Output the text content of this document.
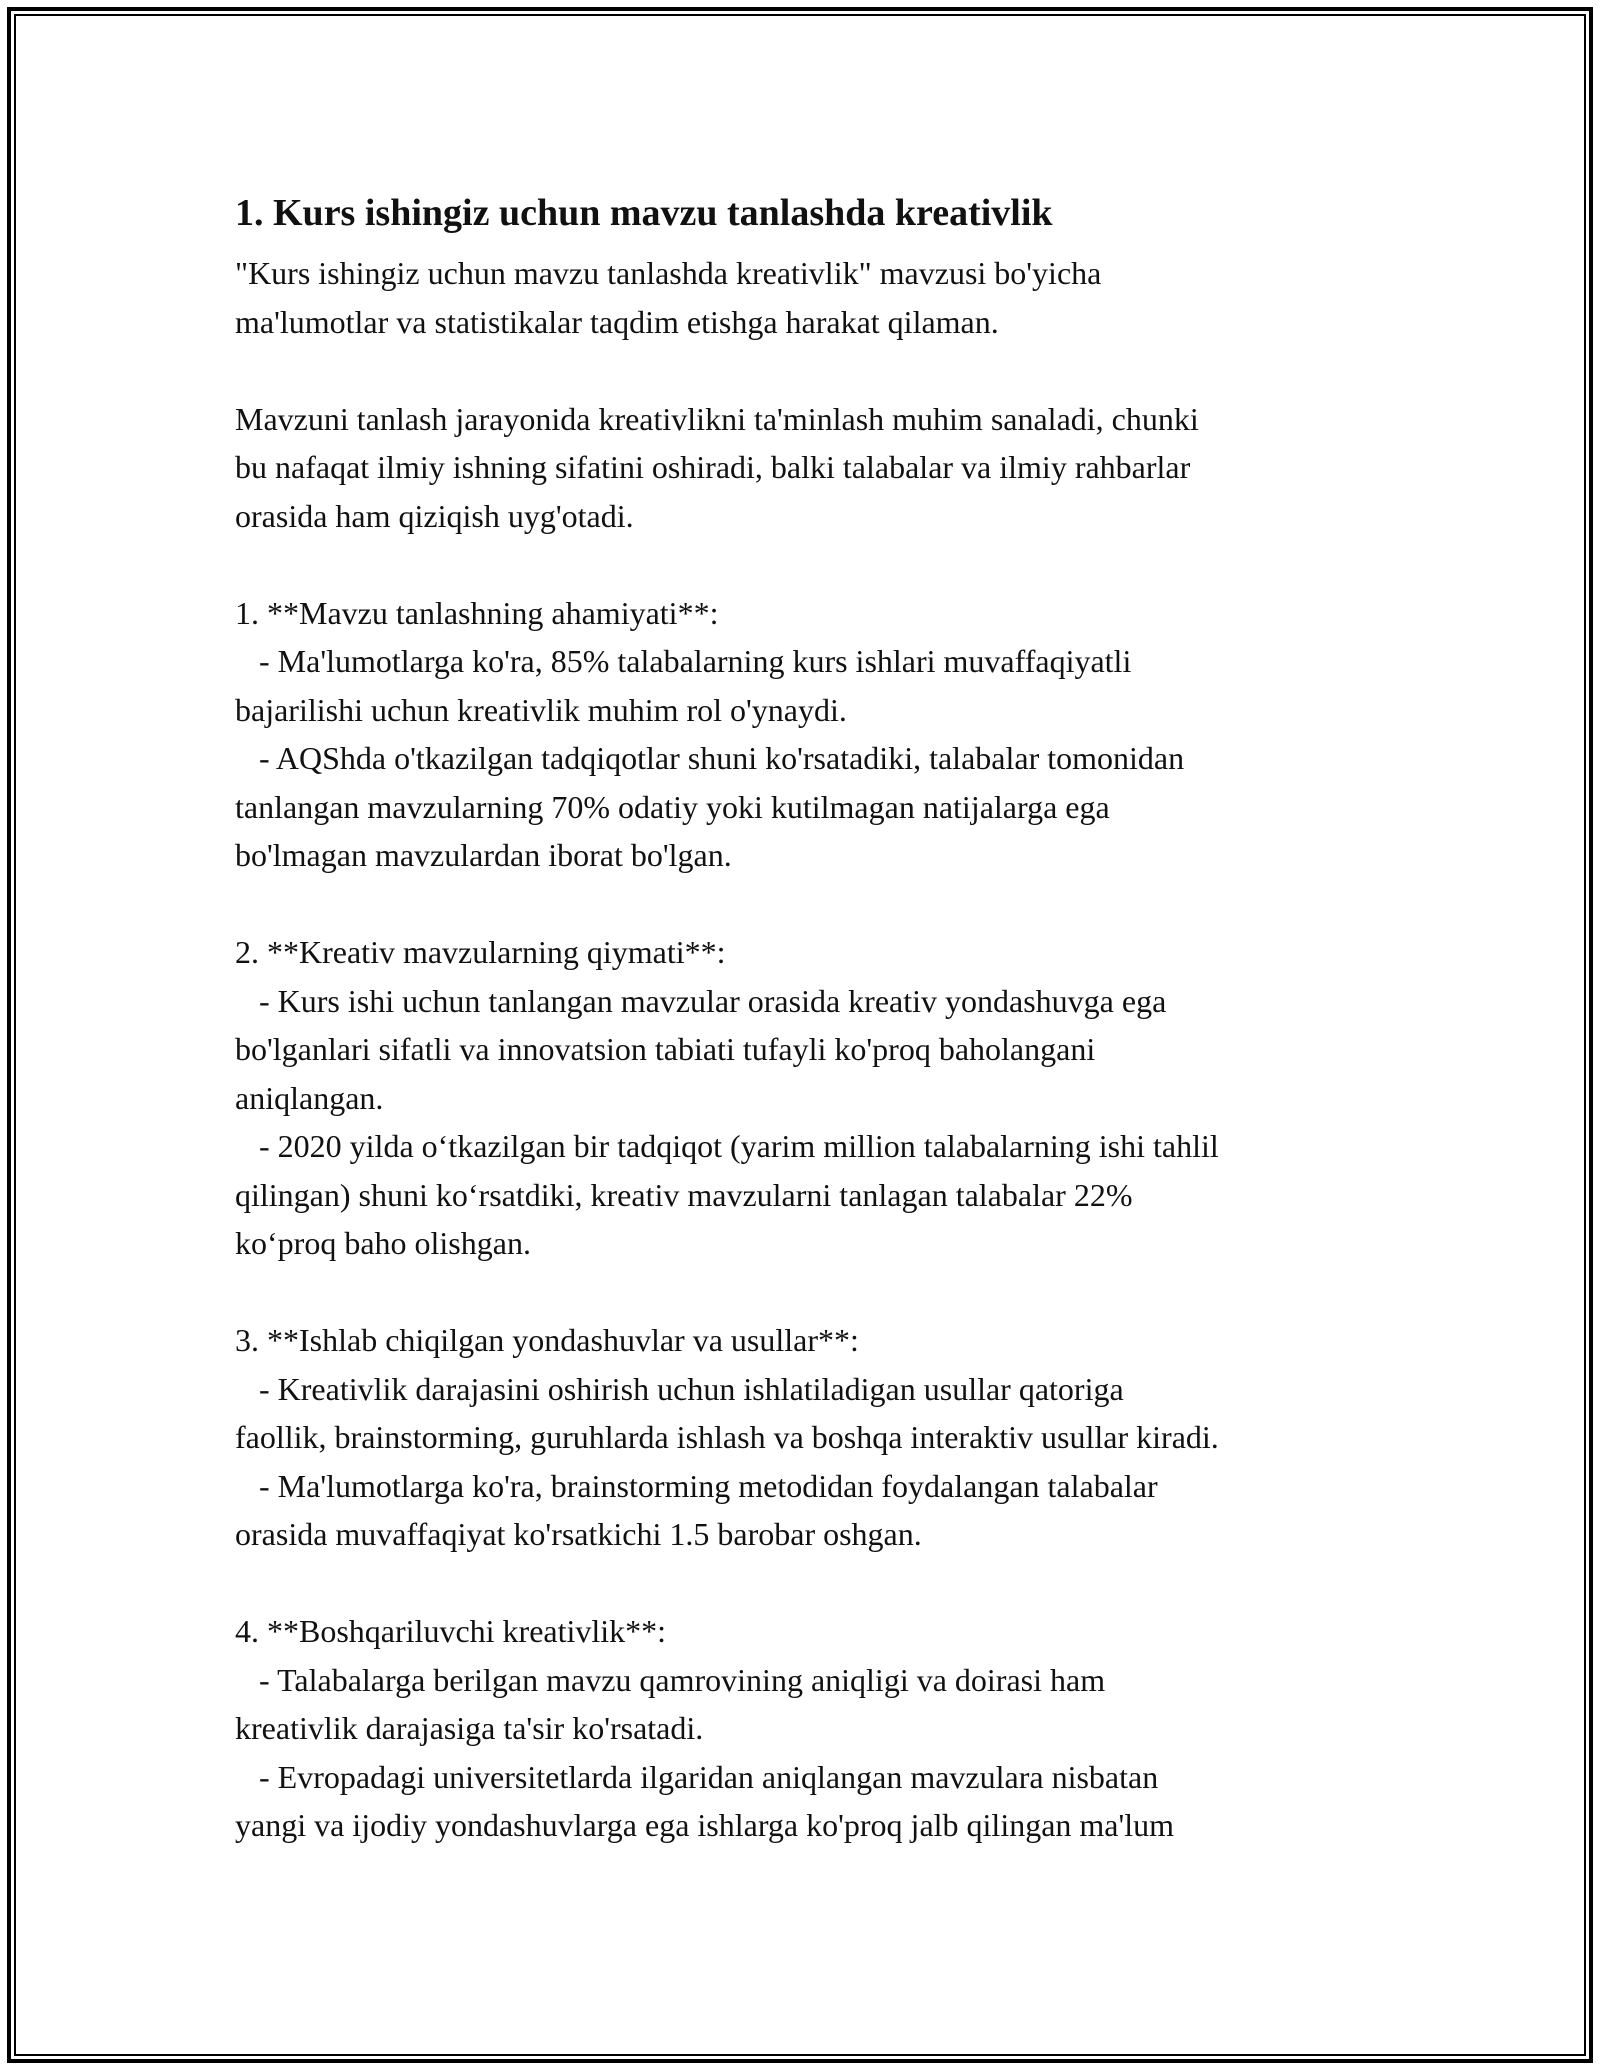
1. Kurs ishingiz uchun mavzu tanlashda kreativlik
"Kurs ishingiz uchun mavzu tanlashda kreativlik" mavzusi bo'yicha
ma'lumotlar va statistikalar taqdim etishga harakat qilaman.
Mavzuni tanlash jarayonida kreativlikni ta'minlash muhim sanaladi, chunki
bu nafaqat ilmiy ishning sifatini oshiradi, balki talabalar va ilmiy rahbarlar
orasida ham qiziqish uyg'otadi.
1. **Mavzu tanlashning ahamiyati**:
- Ma'lumotlarga ko'ra, 85% talabalarning kurs ishlari muvaffaqiyatli
bajarilishi uchun kreativlik muhim rol o'ynaydi.
- AQShda o'tkazilgan tadqiqotlar shuni ko'rsatadiki, talabalar tomonidan
tanlangan mavzularning 70% odatiy yoki kutilmagan natijalarga ega
bo'lmagan mavzulardan iborat bo'lgan.
2. **Kreativ mavzularning qiymati**:
- Kurs ishi uchun tanlangan mavzular orasida kreativ yondashuvga ega
bo'lganlari sifatli va innovatsion tabiati tufayli ko'proq baholangani
aniqlangan.
- 2020 yilda o‘tkazilgan bir tadqiqot (yarim million talabalarning ishi tahlil
qilingan) shuni ko‘rsatdiki, kreativ mavzularni tanlagan talabalar 22%
ko‘proq baho olishgan.
3. **Ishlab chiqilgan yondashuvlar va usullar**:
- Kreativlik darajasini oshirish uchun ishlatiladigan usullar qatoriga
faollik, brainstorming, guruhlarda ishlash va boshqa interaktiv usullar kiradi.
- Ma'lumotlarga ko'ra, brainstorming metodidan foydalangan talabalar
orasida muvaffaqiyat ko'rsatkichi 1.5 barobar oshgan.
4. **Boshqariluvchi kreativlik**:
- Talabalarga berilgan mavzu qamrovining aniqligi va doirasi ham
kreativlik darajasiga ta'sir ko'rsatadi.
- Evropadagi universitetlarda ilgaridan aniqlangan mavzulara nisbatan
yangi va ijodiy yondashuvlarga ega ishlarga ko'proq jalb qilingan ma'lum
